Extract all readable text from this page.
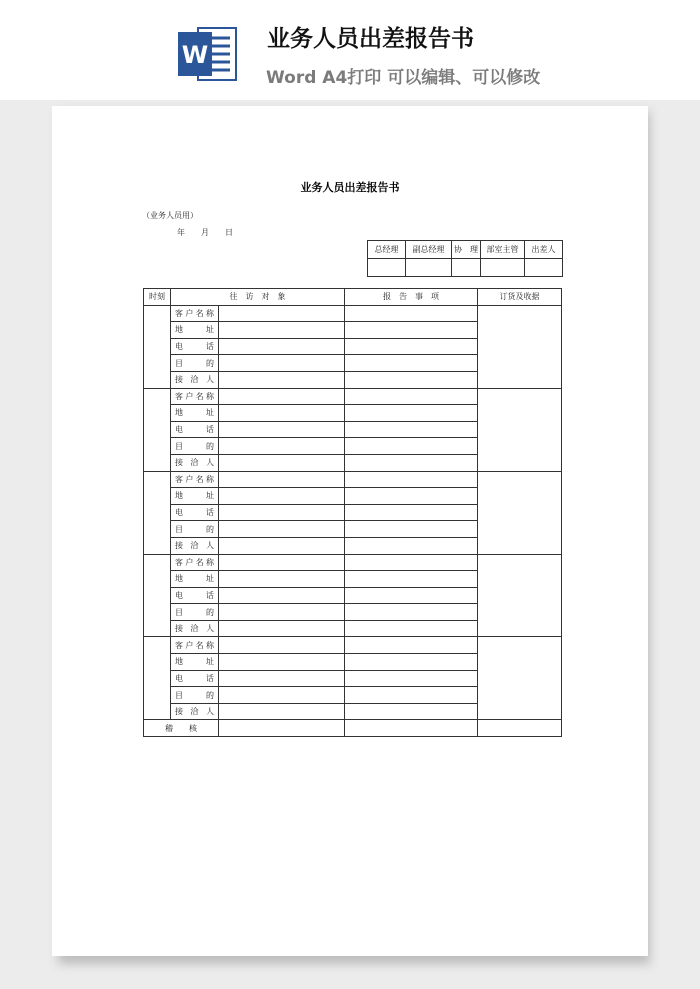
W
业务人员出差报告书
Word A4打印 可以编辑、可以修改
业务人员出差报告书
（业务人员用）
年　　月　　日
总经理	副总经理	协　理	部室主管	出差人

时刻	往　访　对　象		报　告　事　项	订货及收据
	客户名称			
	地　　址			
	电　　话			
	目　　的			
	接 洽 人			
	客户名称			
	地　　址			
	电　　话			
	目　　的			
	接 洽 人			
	客户名称			
	地　　址			
	电　　话			
	目　　的			
	接 洽 人			
	客户名称			
	地　　址			
	电　　话			
	目　　的			
	接 洽 人			
	客户名称			
	地　　址			
	电　　话			
	目　　的			
	接 洽 人			
稽　　核				
